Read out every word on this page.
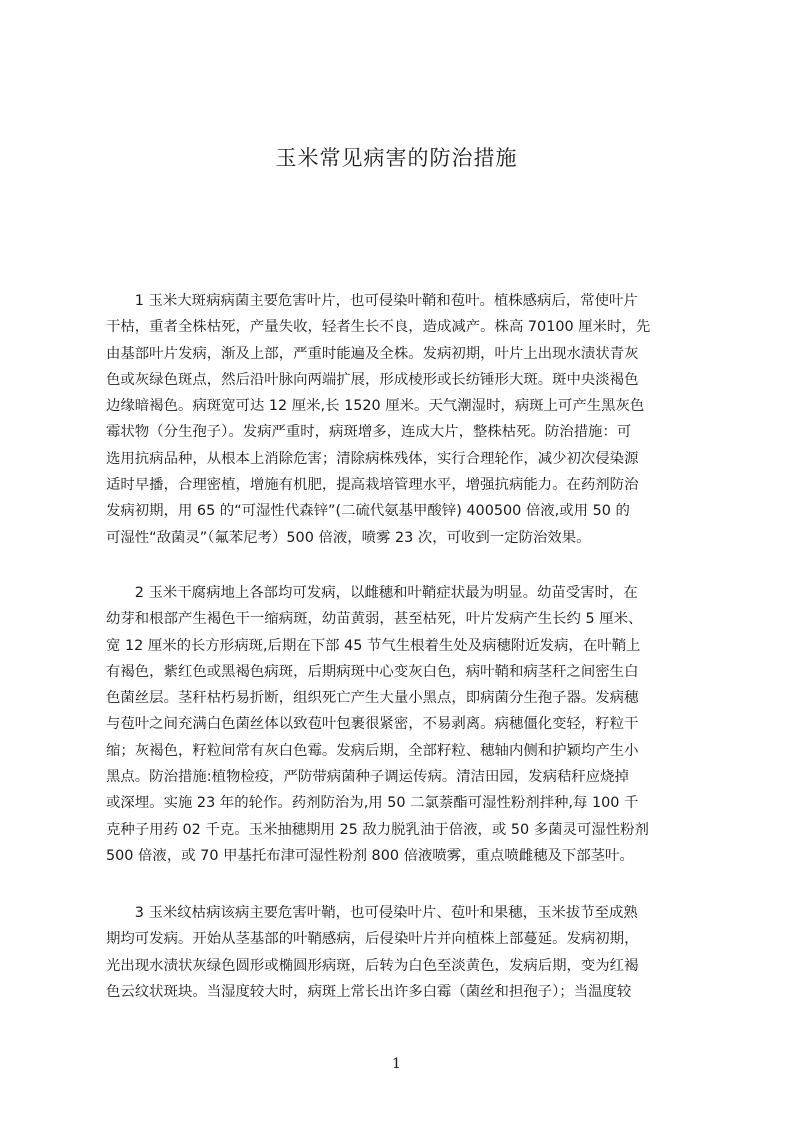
玉米常见病害的防治措施
　　1 玉米大斑病病菌主要危害叶片，也可侵染叶鞘和苞叶。植株感病后，常使叶片
干枯，重者全株枯死，产量失收，轻者生长不良，造成减产。株高 70100 厘米时，先
由基部叶片发病，渐及上部，严重时能遍及全株。发病初期，叶片上出现水渍状青灰
色或灰绿色斑点，然后沿叶脉向两端扩展，形成棱形或长纺锤形大斑。斑中央淡褐色
边缘暗褐色。病斑宽可达 12 厘米,长 1520 厘米。天气潮湿时，病斑上可产生黑灰色
霉状物（分生孢子）。发病严重时，病斑增多，连成大片，整株枯死。防治措施：可
选用抗病品种，从根本上消除危害；清除病株残体，实行合理轮作，减少初次侵染源
适时早播，合理密植，增施有机肥，提高栽培管理水平，增强抗病能力。在药剂防治
发病初期，用 65 的“可湿性代森锌”(二硫代氨基甲酸锌) 400500 倍液,或用 50 的
可湿性“敌菌灵”（氟苯尼考）500 倍液，喷雾 23 次，可收到一定防治效果。
　　2 玉米干腐病地上各部均可发病，以雌穗和叶鞘症状最为明显。幼苗受害时，在
幼芽和根部产生褐色干一缩病斑，幼苗黄弱，甚至枯死，叶片发病产生长约 5 厘米、
宽 12 厘米的长方形病斑,后期在下部 45 节气生根着生处及病穗附近发病，在叶鞘上
有褐色，紫红色或黑褐色病斑，后期病斑中心变灰白色，病叶鞘和病茎秆之间密生白
色菌丝层。茎秆枯朽易折断，组织死亡产生大量小黑点，即病菌分生孢子器。发病穗
与苞叶之间充满白色菌丝体以致苞叶包裹很紧密，不易剥离。病穗僵化变轻，籽粒干
缩；灰褐色，籽粒间常有灰白色霉。发病后期，全部籽粒、穗轴内侧和护颖均产生小
黑点。防治措施:植物检疫，严防带病菌种子调运传病。清洁田园，发病秸秆应烧掉
或深埋。实施 23 年的轮作。药剂防治为,用 50 二氯萘酯可湿性粉剂拌种,每 100 千
克种子用药 02 千克。玉米抽穗期用 25 敌力脱乳油于倍液，或 50 多菌灵可湿性粉剂
500 倍液，或 70 甲基托布津可湿性粉剂 800 倍液喷雾，重点喷雌穗及下部茎叶。
　　3 玉米纹枯病该病主要危害叶鞘，也可侵染叶片、苞叶和果穗，玉米拔节至成熟
期均可发病。开始从茎基部的叶鞘感病，后侵染叶片并向植株上部蔓延。发病初期，
光出现水渍状灰绿色圆形或椭圆形病斑，后转为白色至淡黄色，发病后期，变为红褐
色云纹状斑块。当湿度较大时，病斑上常长出许多白霉（菌丝和担孢子）；当温度较
1
